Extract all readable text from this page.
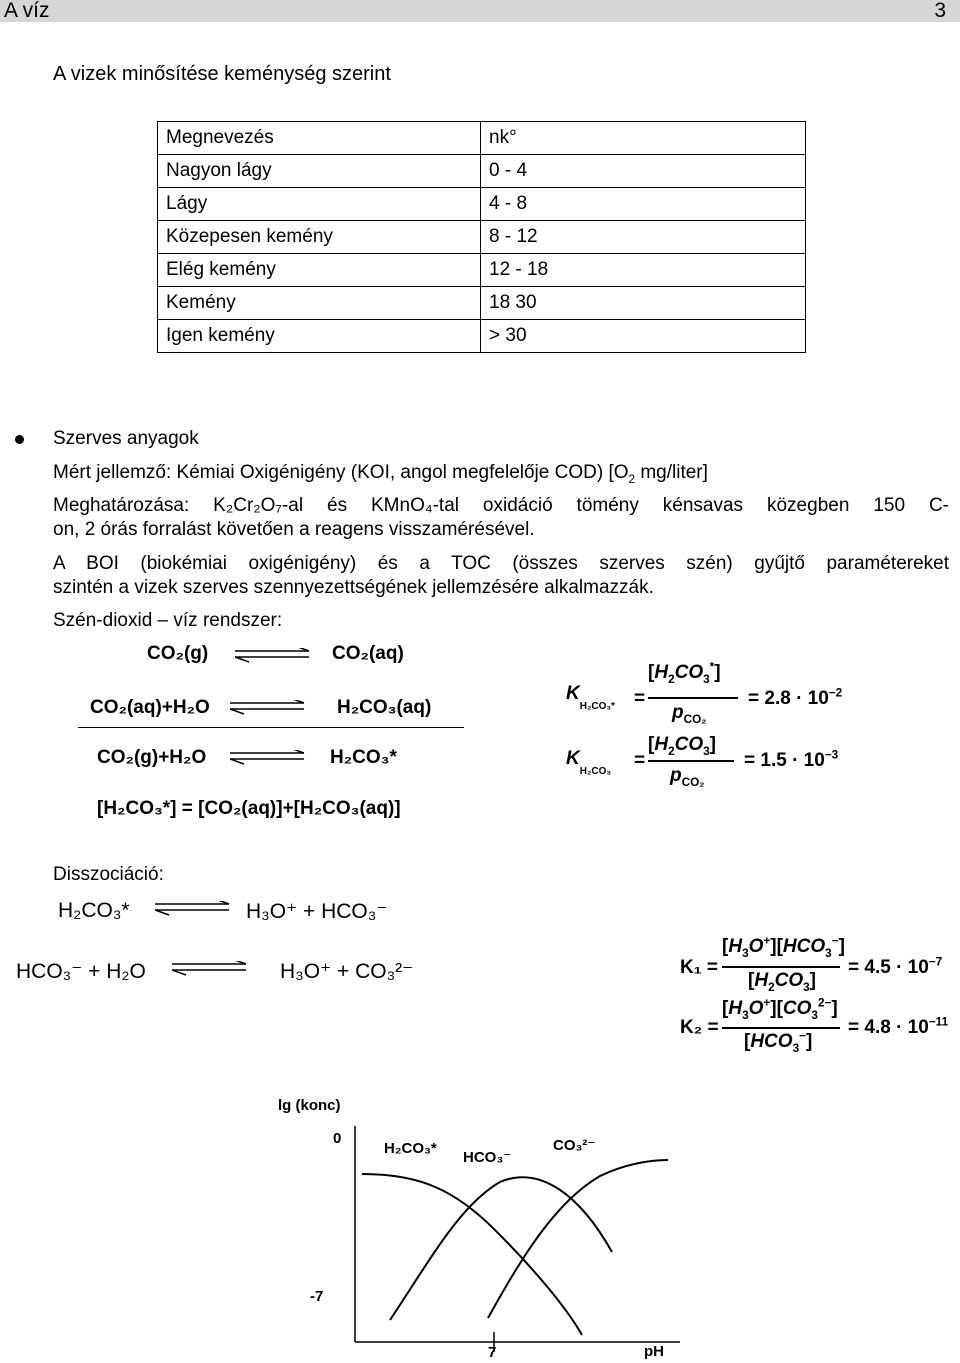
A víz	3
A vizek minősítése keménység szerint
Megnevezés	nk°
Nagyon lágy	0 - 4
Lágy	4 - 8
Közepesen kemény	8 - 12
Elég kemény	12 - 18
Kemény	18 30
Igen kemény	> 30
Szerves anyagok
Mért jellemző: Kémiai Oxigénigény (KOI, angol megfelelője COD) [$O_2$ mg/liter]
Meghatározása: K₂Cr₂O₇-al és KMnO₄-tal oxidáció tömény kénsavas közegben 150 C-
on, 2 órás forralást követően a reagens visszamérésével.
A BOI (biokémiai oxigénigény) és a TOC (összes szerves szén) gyűjtő paramétereket
szintén a vizek szerves szennyezettségének jellemzésére alkalmazzák.
Szén-dioxid – víz rendszer:
CO₂(g)	CO₂(aq)
CO₂(aq)+H₂O	H₂CO₃(aq)
CO₂(g)+H₂O	H₂CO₃*
[H₂CO₃*] = [CO₂(aq)]+[H₂CO₃(aq)]
$K_{H_2CO_3*}$ =
$[H_2CO_3^*]$
$p_{CO_2}$
= $2.8 \cdot 10^{-2}$
$K_{H_2CO_3}$
=
$[H_2CO_3]$
$p_{CO_2}$
= $1.5 \cdot 10^{-3}$
Disszociáció:
H₂CO₃*	H₃O⁺ + HCO₃⁻
HCO₃⁻ + H₂O	H₃O⁺ + CO₃²⁻	K₁ =
$[H_3O^+][HCO_3^-]$
$[H_2CO_3]$
= $4.5 \cdot 10^{-7}$
K₂ =
$[H_3O^+][CO_3^{2-}]$
$[HCO_3^-]$
= $4.8 \cdot 10^{-11}$
lg (konc)
0
-7
7	pH
H₂CO₃*
HCO₃⁻
CO₃²⁻
